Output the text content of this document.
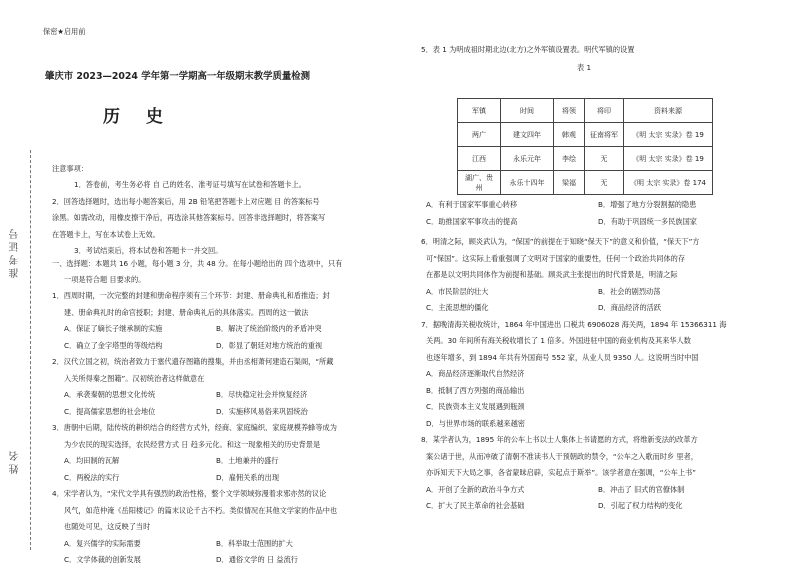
保密★启用前
肇庆市 2023—2024 学年第一学期高一年级期末教学质量检测
历 史
准考证号
姓名
注意事项：
1．答卷前，考生务必将 自 己的姓名、准考证号填写在试卷和答题卡上。
2．回答选择题时，选出每小题答案后，用 2B 铅笔把答题卡上对应题 目 的答案标号
涂黑。如需改动，用橡皮擦干净后，再选涂其他答案标号。回答非选择题时，将答案写
在答题卡上，写在本试卷上无效。
3．考试结束后，将本试卷和答题卡一并交回。
一、选择题：本题共 16 小题，每小题 3 分，共 48 分。在每小题给出的 四个选项中，只有
一项是符合题 目要求的。
1．西周时期，一次完整的封建和册命程序须有三个环节：封建、册命典礼和盾推造；封
建、册命典礼时的命官授职；封建、册命典礼后的具体落实。西周的这一做法
A．保证了嫡长子继承制的实施	B．解决了统治阶级内的矛盾冲突
C．确立了金字塔型的等级结构	D．彰显了朝廷对地方统治的重视
2．汉代立国之初，统治者致力于塞代遗存图籍的搜集，并由丞相萧何建造石渠阁，“所藏
入关所得秦之图籍”。汉初统治者这样做意在
A．承袭秦朝的思想文化传统	B．尽快稳定社会并恢复经济
C．提高儒家思想的社会地位	D．实施移风易俗来巩固统治
3．唐朝中后期，陆传统的耕织结合的经营方式外，经商、家庭编织、家庭规模养蜂等成为
为少农民的现实选择，农民经营方式 日 趋多元化。和这一现象相关的历史背景是
A．均田制的瓦解	B．土地兼并的盛行
C．两税法的实行	D．雇佣关系的出现
4．宋学者认为，“宋代文学具有强烈的政治性格，整个文学领域弥漫着求邪亦然的议论
风气，如范仲淹《岳阳楼记》的篇末议论千古不朽。类似情况在其他文学家的作品中也
也随处可见，这反映了当时
A．复兴儒学的实际需要	B．科举取士范围的扩大
C．文学体裁的创新发展	D．通俗文学的 日 益流行
5．表 1 为明成祖时期北边(北方)之外军镇设置表。明代军镇的设置
表 1
军镇	时间	将领	将印	资料来源
两广	建文四年	韩观	征南将军	《明 太宗 实录》卷 19
江西	永乐元年	李绘	无	《明 太宗 实录》卷 19
湖广、贵州	永乐十四年	梁福	无	《明 太宗 实录》卷 174
A．有利于国家军事重心转移	B．增强了地方分裂割据的隐患
C．助推国家军事攻击的提高	D．有助于巩固统一多民族国家
6．明清之际，顾炎武认为，“保国”的前提在于知晓“保天下”的意义和价值，“保天下”方
可“保国”。这实际上看重强调了文明对于国家的重要性，任何一个政治共同体的存
在都是以文明共同体作为前提和基础。顾炎武主张提出的时代背景是，明清之际
A．市民阶层的壮大	B．社会的剧烈动荡
C．主流思想的僵化	D．商品经济的活跃
7．据晚清海关税收统计，1864 年中国进出 口税共 6906028 海关两，1894 年 15366311 海
关两。30 年间所有海关税收增长了 1 倍多。外国进驻中国的商业机构及其来华人数
也逐年增多，到 1894 年共有外国商号 552 家，从业人员 9350 人。这说明当时中国
A．商品经济逐渐取代自然经济
B．抵制了西方列强的商品输出
C．民族资本主义发展遇到瓶颈
D．与世界市场的联系越来越密
8．某学者认为，1895 年的公车上书以士人集体上书请愿的方式，将维新变法的改革方
案公诸于世，从而冲破了清朝不准读书人干预朝政的禁令，“公车之入歌而时乡 里者，
亦诉知天下大局之事，各省蒙昧启辟，实起点于斯举”。该学者意在强调，“公车上书”
A．开创了全新的政治斗争方式	B．冲击了 旧式的官僚体制
C．扩大了民主革命的社会基础	D．引起了权力结构的变化
